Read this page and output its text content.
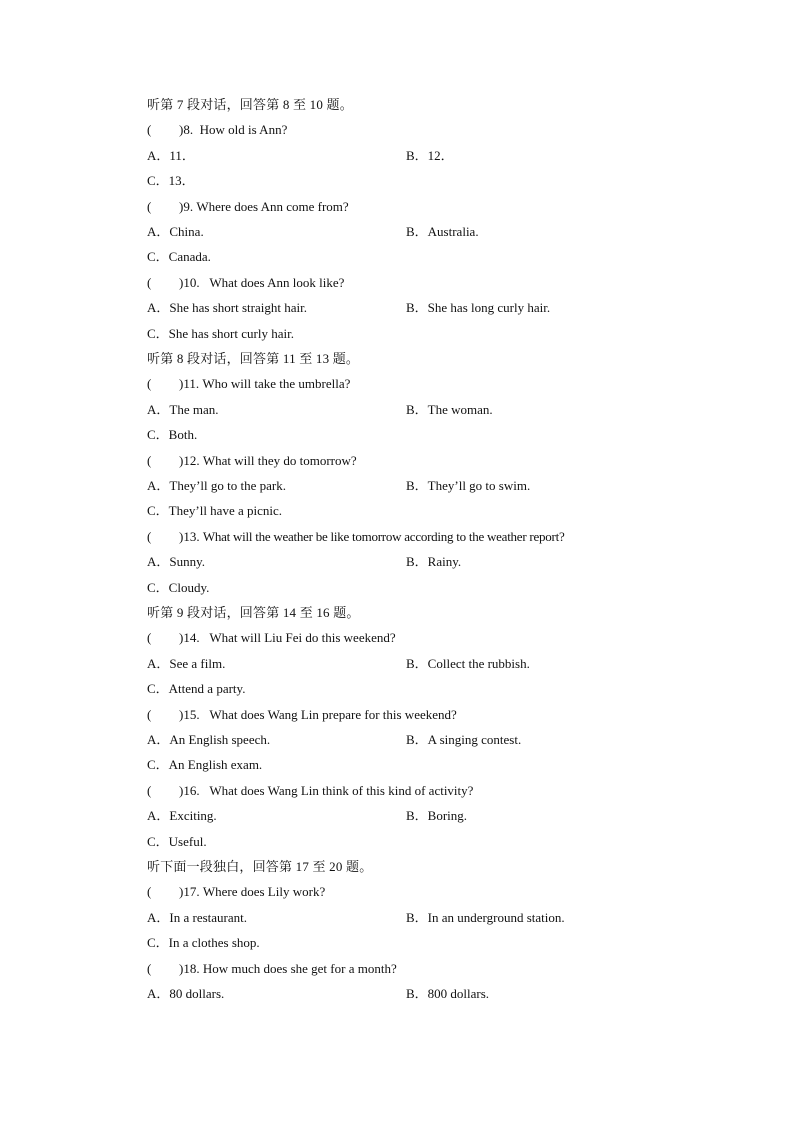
听第 7 段对话，回答第 8 至 10 题。
( )8. How old is Ann?
A．11．	B．12．
C．13．
( )9. Where does Ann come from?
A．China.	B．Australia.
C．Canada.
( )10. What does Ann look like?
A．She has short straight hair.	B．She has long curly hair.
C．She has short curly hair.
听第 8 段对话，回答第 11 至 13 题。
( )11. Who will take the umbrella?
A．The man.	B．The woman.
C．Both.
( )12. What will they do tomorrow?
A．They’ll go to the park.	B．They’ll go to swim.
C．They’ll have a picnic.
( )13. What will the weather be like tomorrow according to the weather report?
A．Sunny.	B．Rainy.
C．Cloudy.
听第 9 段对话，回答第 14 至 16 题。
( )14. What will Liu Fei do this weekend?
A．See a film.	B．Collect the rubbish.
C．Attend a party.
( )15. What does Wang Lin prepare for this weekend?
A．An English speech.	B．A singing contest.
C．An English exam.
( )16. What does Wang Lin think of this kind of activity?
A．Exciting.	B．Boring.
C．Useful.
听下面一段独白，回答第 17 至 20 题。
( )17. Where does Lily work?
A．In a restaurant.	B．In an underground station.
C．In a clothes shop.
( )18. How much does she get for a month?
A．80 dollars.	B．800 dollars.
